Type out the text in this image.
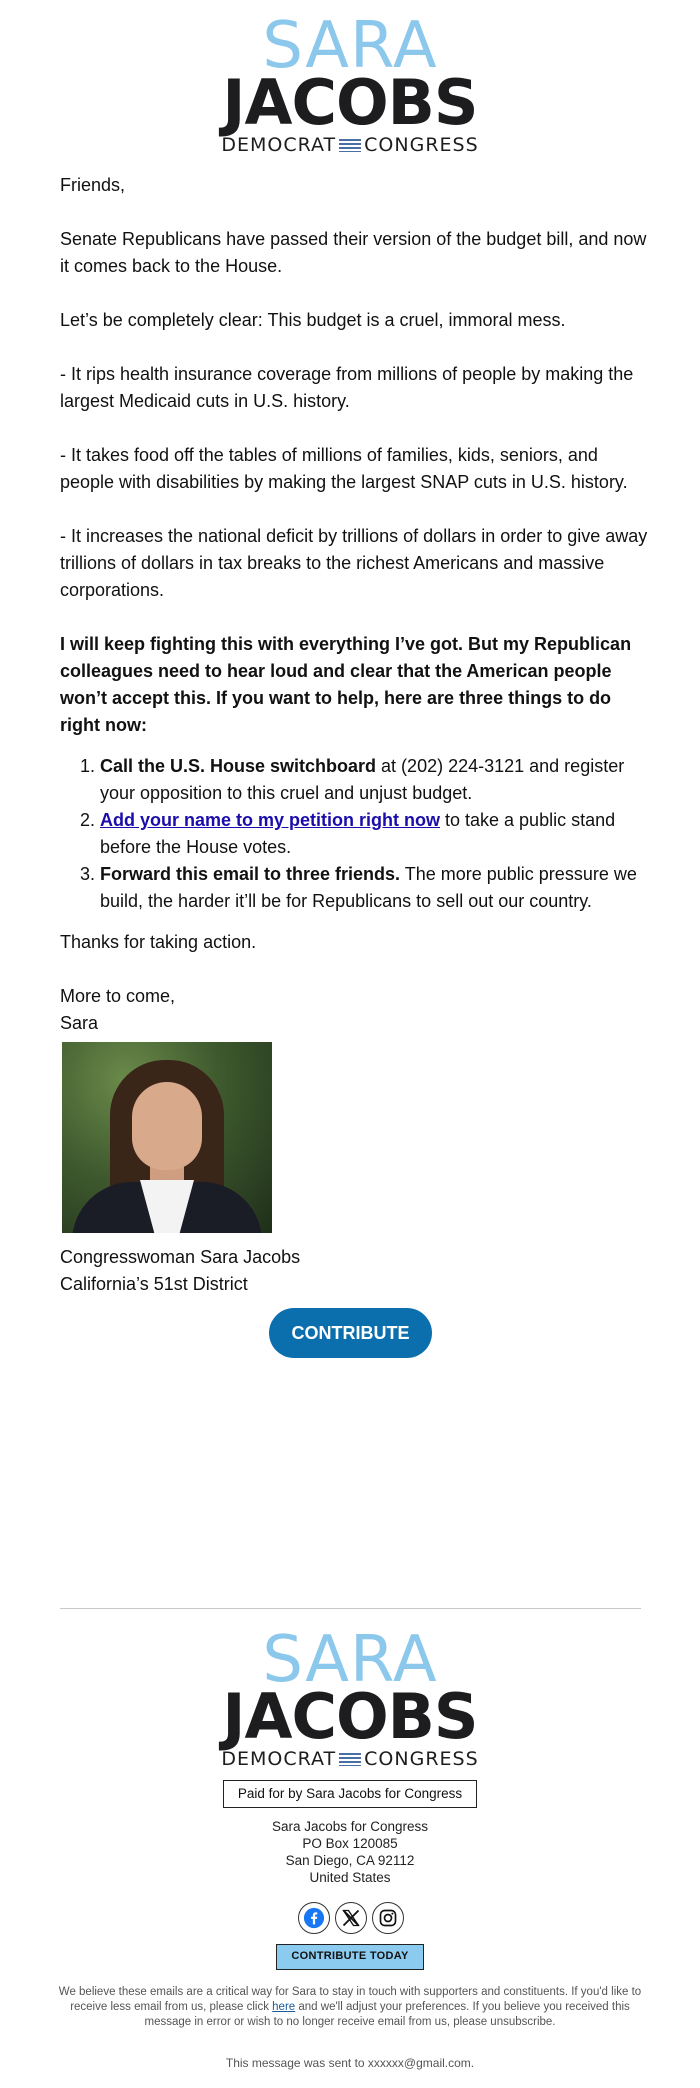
SARA
JACOBS
DEMOCRAT CONGRESS

Friends,

Senate Republicans have passed their version of the budget bill, and now it comes back to the House.

Let’s be completely clear: This budget is a cruel, immoral mess.

- It rips health insurance coverage from millions of people by making the largest Medicaid cuts in U.S. history.

- It takes food off the tables of millions of families, kids, seniors, and people with disabilities by making the largest SNAP cuts in U.S. history.

- It increases the national deficit by trillions of dollars in order to give away trillions of dollars in tax breaks to the richest Americans and massive corporations.

I will keep fighting this with everything I’ve got. But my Republican colleagues need to hear loud and clear that the American people won’t accept this. If you want to help, here are three things to do right now:

1. Call the U.S. House switchboard at (202) 224-3121 and register your opposition to this cruel and unjust budget.
2. Add your name to my petition right now to take a public stand before the House votes.
3. Forward this email to three friends. The more public pressure we build, the harder it’ll be for Republicans to sell out our country.

Thanks for taking action.

More to come,

Sara

Congresswoman Sara Jacobs
California’s 51st District
CONTRIBUTE
SARA
JACOBS
DEMOCRAT CONGRESS
Paid for by Sara Jacobs for Congress
Sara Jacobs for Congress
PO Box 120085
San Diego, CA 92112
United States
CONTRIBUTE TODAY
We believe these emails are a critical way for Sara to stay in touch with supporters and constituents. If you'd like to receive less email from us, please click here and we'll adjust your preferences. If you believe you received this message in error or wish to no longer receive email from us, please unsubscribe.
This message was sent to xxxxxx@gmail.com.
